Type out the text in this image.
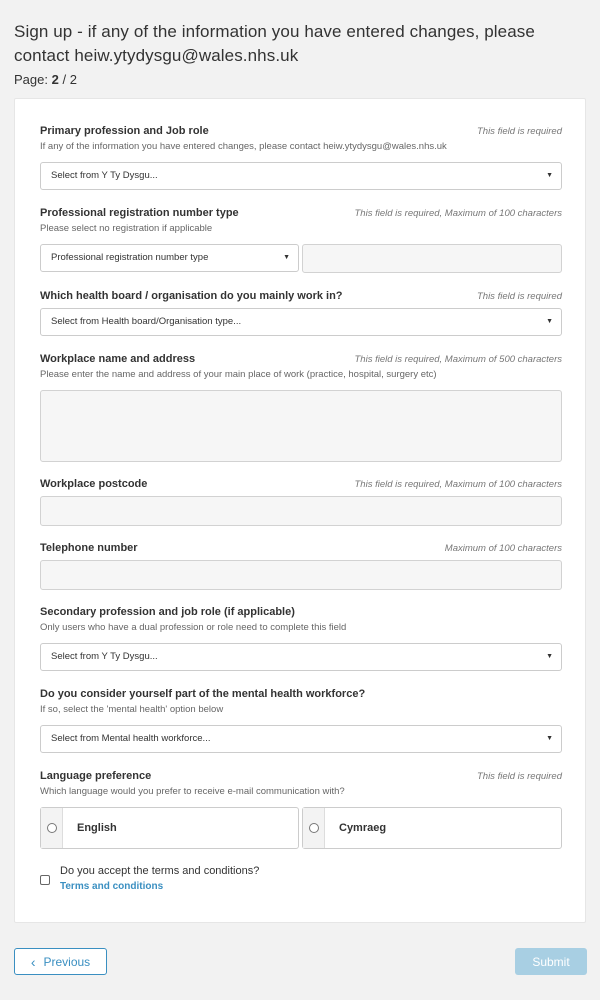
Sign up - if any of the information you have entered changes, please contact heiw.ytydysgu@wales.nhs.uk
Page: 2 / 2
Primary profession and Job role	This field is required
If any of the information you have entered changes, please contact heiw.ytydysgu@wales.nhs.uk
Select from Y Ty Dysgu...	▼
Professional registration number type	This field is required, Maximum of 100 characters
Please select no registration if applicable
Professional registration number type	▼
Which health board / organisation do you mainly work in?	This field is required
Select from Health board/Organisation type...	▼
Workplace name and address	This field is required, Maximum of 500 characters
Please enter the name and address of your main place of work (practice, hospital, surgery etc)
Workplace postcode	This field is required, Maximum of 100 characters
Telephone number	Maximum of 100 characters
Secondary profession and job role (if applicable)
Only users who have a dual profession or role need to complete this field
Select from Y Ty Dysgu...	▼
Do you consider yourself part of the mental health workforce?
If so, select the 'mental health' option below
Select from Mental health workforce...	▼
Language preference	This field is required
Which language would you prefer to receive e-mail communication with?
English	Cymraeg
Do you accept the terms and conditions?
Terms and conditions
‹ Previous	Submit
